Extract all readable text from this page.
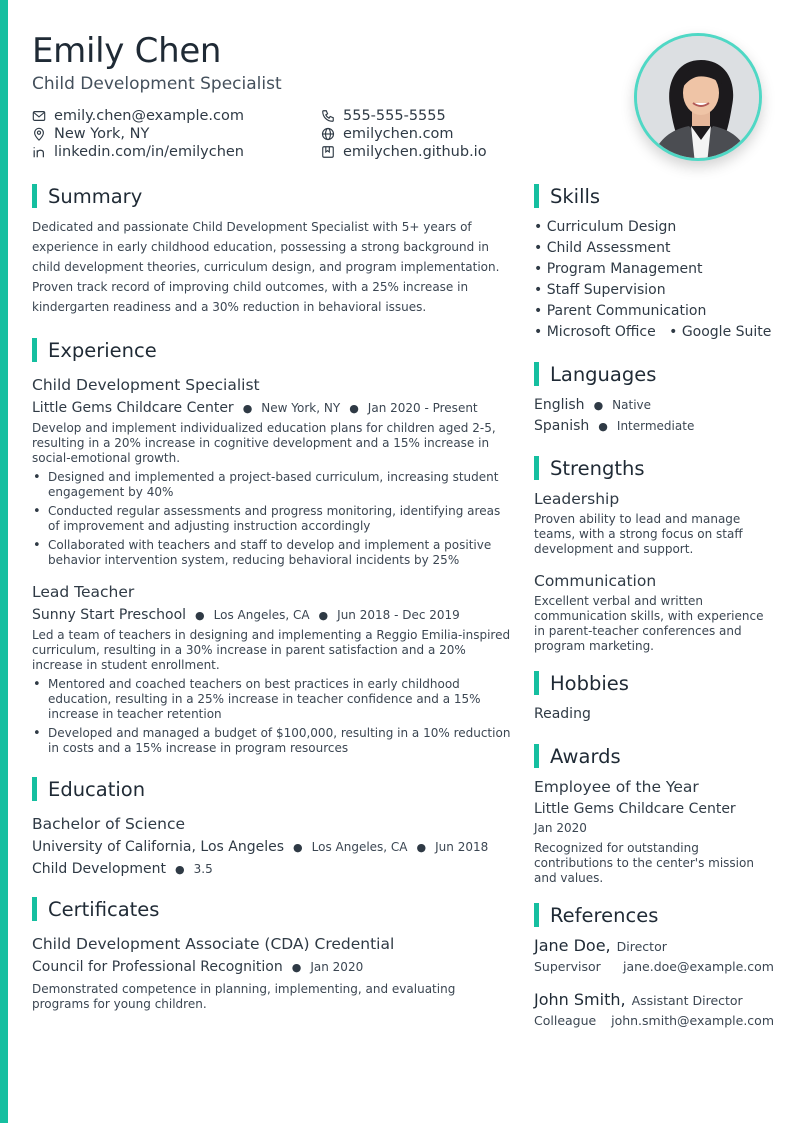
Emily Chen
Child Development Specialist
emily.chen@example.com	555-555-5555
New York, NY	emilychen.com
linkedin.com/in/emilychen	emilychen.github.io
Summary

Dedicated and passionate Child Development Specialist with 5+ years of experience in early childhood education, possessing a strong background in child development theories, curriculum design, and program implementation. Proven track record of improving child outcomes, with a 25% increase in kindergarten readiness and a 30% reduction in behavioral issues.

Experience
Child Development Specialist
Little Gems Childcare Center ● New York, NY ● Jan 2020 - Present
Develop and implement individualized education plans for children aged 2-5, resulting in a 20% increase in cognitive development and a 15% increase in social-emotional growth.
• Designed and implemented a project-based curriculum, increasing student engagement by 40%
• Conducted regular assessments and progress monitoring, identifying areas of improvement and adjusting instruction accordingly
• Collaborated with teachers and staff to develop and implement a positive behavior intervention system, reducing behavioral incidents by 25%
Lead Teacher
Sunny Start Preschool ● Los Angeles, CA ● Jun 2018 - Dec 2019
Led a team of teachers in designing and implementing a Reggio Emilia-inspired curriculum, resulting in a 30% increase in parent satisfaction and a 20% increase in student enrollment.
• Mentored and coached teachers on best practices in early childhood education, resulting in a 25% increase in teacher confidence and a 15% increase in teacher retention
• Developed and managed a budget of $100,000, resulting in a 10% reduction in costs and a 15% increase in program resources
Education
Bachelor of Science
University of California, Los Angeles ● Los Angeles, CA ● Jun 2018
Child Development ● 3.5
Certificates
Child Development Associate (CDA) Credential
Council for Professional Recognition ● Jan 2020
Demonstrated competence in planning, implementing, and evaluating programs for young children.
Skills
• Curriculum Design
• Child Assessment
• Program Management
• Staff Supervision
• Parent Communication
• Microsoft Office   • Google Suite
Languages
English ● Native
Spanish ● Intermediate
Strengths
Leadership
Proven ability to lead and manage teams, with a strong focus on staff development and support.
Communication
Excellent verbal and written communication skills, with experience in parent-teacher conferences and program marketing.
Hobbies
Reading
Awards
Employee of the Year
Little Gems Childcare Center
Jan 2020
Recognized for outstanding contributions to the center's mission and values.
References
Jane Doe, Director
Supervisor	jane.doe@example.com
John Smith, Assistant Director
Colleague	john.smith@example.com
